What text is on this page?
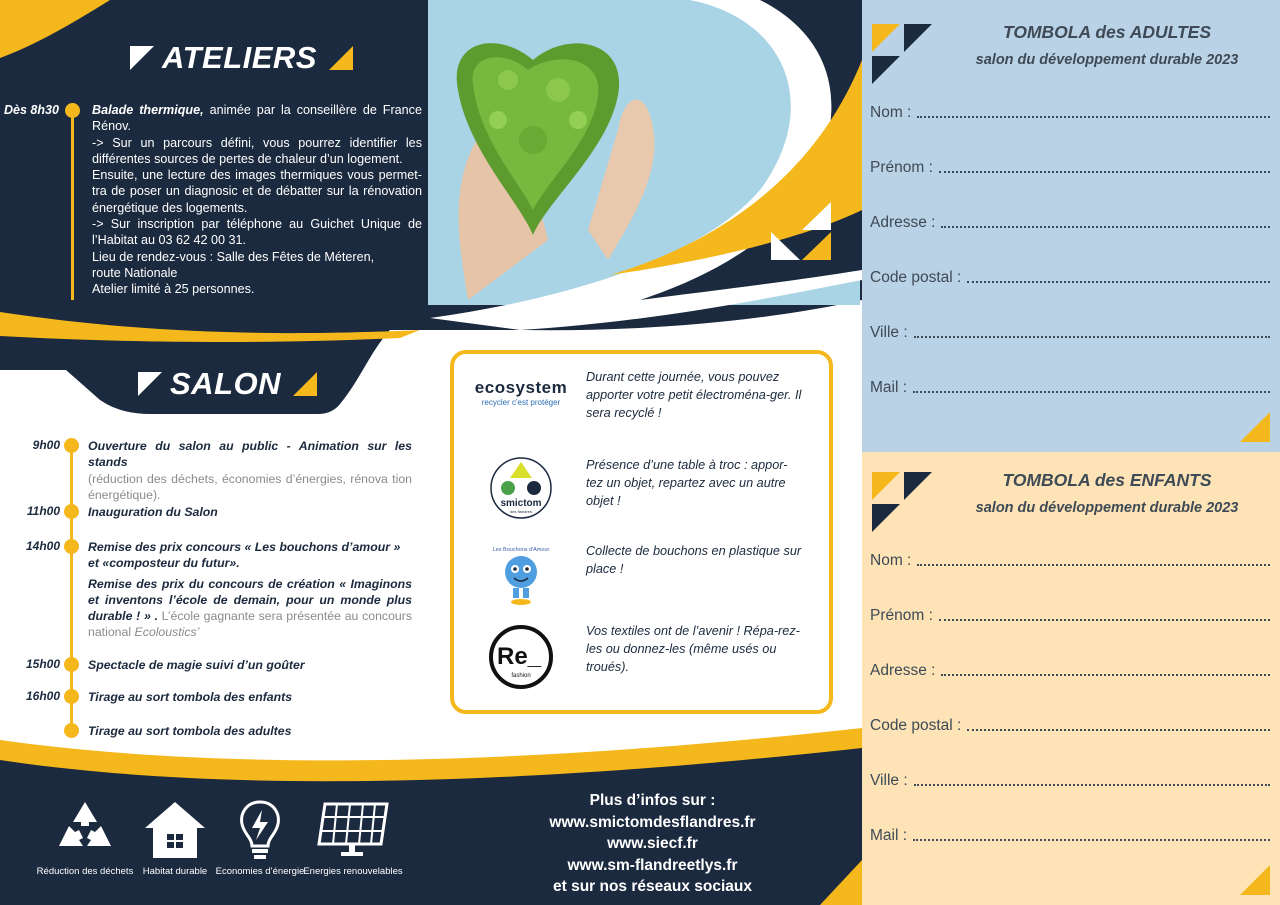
ATELIERS
Dès 8h30	Balade thermique, animée par la conseillère de France Rénov.

-> Sur un parcours défini, vous pourrez identifier les différentes sources de pertes de chaleur d’un logement.

Ensuite, une lecture des images thermiques vous permet-tra de poser un diagnosic et de débatter sur la rénovation énergétique des logements.

-> Sur inscription par téléphone au Guichet Unique de l’Habitat au 03 62 42 00 31.

Lieu de rendez-vous : Salle des Fêtes de Méteren,

route Nationale

Atelier limité à 25 personnes.

SALON
9h00 Ouverture du salon au public - Animation sur les stands
(réduction des déchets, économies d’énergies, rénova tion énergétique).
11h00 Inauguration du Salon
14h00 Remise des prix concours « Les bouchons d’amour » et «composteur du futur».
Remise des prix du concours de création « Imaginons et inventons l’école de demain, pour un monde plus durable ! » . L’école gagnante sera présentée au concours national Ecoloustics’
15h00 Spectacle de magie suivi d’un goûter
16h00 Tirage au sort tombola des enfants
Tirage au sort tombola des adultes
ecosystem
recycler c'est protéger
Durant cette journée, vous pouvez apporter votre petit électroména-ger. Il sera recyclé !
smictom
des flandres
Présence d’une table à troc : appor-tez un objet, repartez avec un autre objet !
Les Bouchons d'Amour	Collecte de bouchons en plastique sur place !
Re_
fashion
Vos textiles ont de l’avenir ! Répa-rez-les ou donnez-les (même usés ou troués).
Réduction des déchets Habitat durable Economies d’énergie
Energies renouvelables
Plus d’infos sur :
www.smictomdesflandres.fr
www.siecf.fr
www.sm-flandreetlys.fr
et sur nos réseaux sociaux
TOMBOLA des ADULTES
salon du développement durable 2023
Nom :
Prénom :
Adresse :
Code postal :
Ville :
Mail :
TOMBOLA des ENFANTS
salon du développement durable 2023
Nom :
Prénom :
Adresse :
Code postal :
Ville :
Mail :
